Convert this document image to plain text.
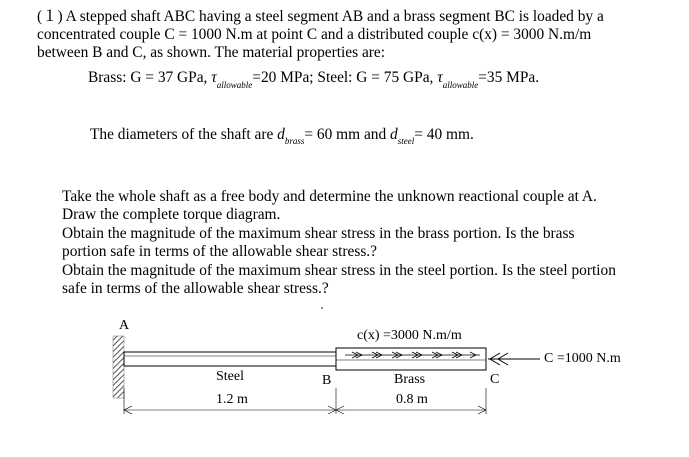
(１) A stepped shaft ABC having a steel segment AB and a brass segment BC is loaded by a
concentrated couple C = 1000 N.m at point C and a distributed couple c(x) = 3000 N.m/m
between B and C, as shown. The material properties are:
Brass: G = 37 GPa, $\tau_{allowable}=20$ MPa; Steel: G = 75 GPa, $\tau_{allowable}=35$ MPa.
The diameters of the shaft are $d_{brass}= 60$ mm and $d_{steel}= 40$ mm.
Take the whole shaft as a free body and determine the unknown reactional couple at A.
Draw the complete torque diagram.
Obtain the magnitude of the maximum shear stress in the brass portion. Is the brass
portion safe in terms of the allowable shear stress.?
Obtain the magnitude of the maximum shear stress in the steel portion. Is the steel portion
safe in terms of the allowable shear stress.?
A
c(x) =3000 N.m/m
C =1000 N.m
Steel	B	Brass	C
1.2 m	0.8 m
